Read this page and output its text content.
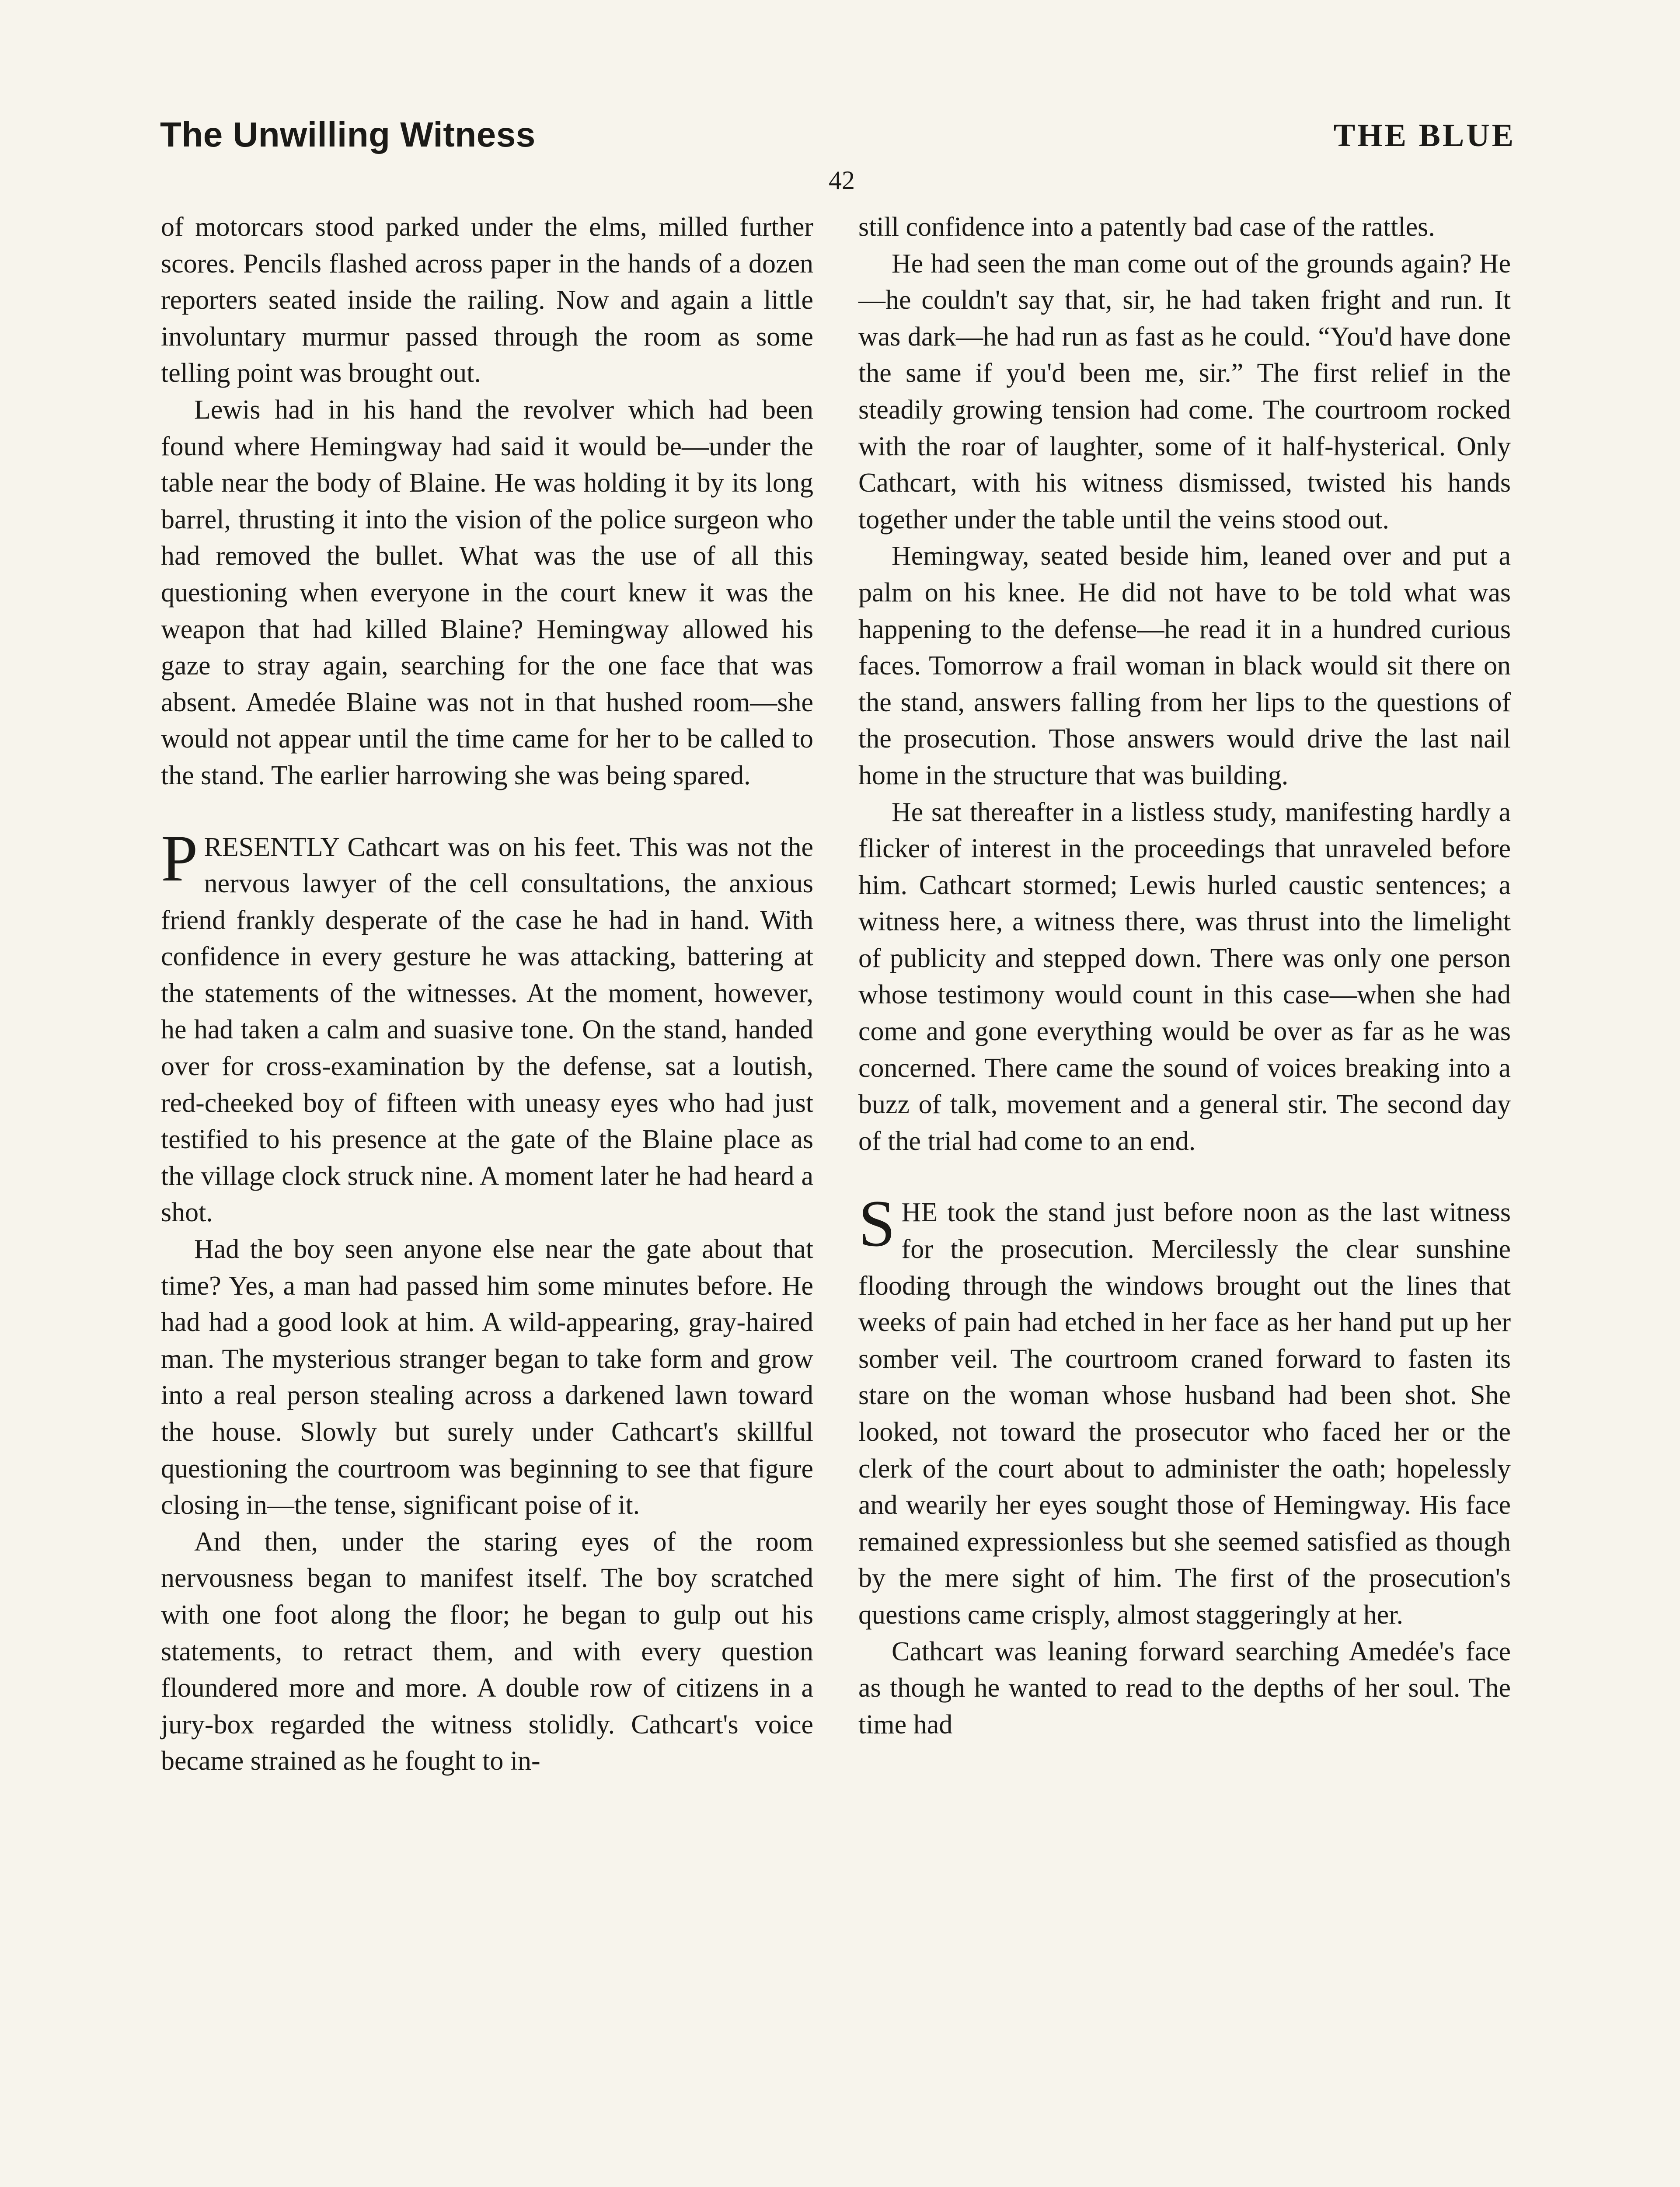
The Unwilling Witness	THE BLUE
42

of motorcars stood parked under the elms, milled further scores. Pencils flashed across paper in the hands of a dozen reporters seated inside the railing. Now and again a little involuntary murmur passed through the room as some telling point was brought out.

Lewis had in his hand the revolver which had been found where Hemingway had said it would be—under the table near the body of Blaine. He was holding it by its long barrel, thrusting it into the vision of the police surgeon who had removed the bullet. What was the use of all this questioning when everyone in the court knew it was the weapon that had killed Blaine? Hemingway allowed his gaze to stray again, searching for the one face that was absent. Amedée Blaine was not in that hushed room—she would not appear until the time came for her to be called to the stand. The earlier harrowing she was being spared.

PRESENTLY Cathcart was on his feet. This was not the nervous lawyer of the cell consultations, the anxious friend frankly desperate of the case he had in hand. With confidence in every gesture he was attacking, battering at the statements of the witnesses. At the moment, however, he had taken a calm and suasive tone. On the stand, handed over for cross-examination by the defense, sat a loutish, red-cheeked boy of fifteen with uneasy eyes who had just testified to his presence at the gate of the Blaine place as the village clock struck nine. A moment later he had heard a shot.

Had the boy seen anyone else near the gate about that time? Yes, a man had passed him some minutes before. He had had a good look at him. A wild-appearing, gray-haired man. The mysterious stranger began to take form and grow into a real person stealing across a darkened lawn toward the house. Slowly but surely under Cathcart's skillful questioning the courtroom was beginning to see that figure closing in—the tense, significant poise of it.

And then, under the staring eyes of the room nervousness began to manifest itself. The boy scratched with one foot along the floor; he began to gulp out his statements, to retract them, and with every question floundered more and more. A double row of citizens in a jury-box regarded the witness stolidly. Cathcart's voice became strained as he fought to in-

still confidence into a patently bad case of the rattles.

He had seen the man come out of the grounds again? He—he couldn't say that, sir, he had taken fright and run. It was dark—he had run as fast as he could. “You'd have done the same if you'd been me, sir.” The first relief in the steadily growing tension had come. The courtroom rocked with the roar of laughter, some of it half-hysterical. Only Cathcart, with his witness dismissed, twisted his hands together under the table until the veins stood out.

Hemingway, seated beside him, leaned over and put a palm on his knee. He did not have to be told what was happening to the defense—he read it in a hundred curious faces. Tomorrow a frail woman in black would sit there on the stand, answers falling from her lips to the questions of the prosecution. Those answers would drive the last nail home in the structure that was building.

He sat thereafter in a listless study, manifesting hardly a flicker of interest in the proceedings that unraveled before him. Cathcart stormed; Lewis hurled caustic sentences; a witness here, a witness there, was thrust into the limelight of publicity and stepped down. There was only one person whose testimony would count in this case—when she had come and gone everything would be over as far as he was concerned. There came the sound of voices breaking into a buzz of talk, movement and a general stir. The second day of the trial had come to an end.

SHE took the stand just before noon as the last witness for the prosecution. Mercilessly the clear sunshine flooding through the windows brought out the lines that weeks of pain had etched in her face as her hand put up her somber veil. The courtroom craned forward to fasten its stare on the woman whose husband had been shot. She looked, not toward the prosecutor who faced her or the clerk of the court about to administer the oath; hopelessly and wearily her eyes sought those of Hemingway. His face remained expressionless but she seemed satisfied as though by the mere sight of him. The first of the prosecution's questions came crisply, almost staggeringly at her.

Cathcart was leaning forward searching Amedée's face as though he wanted to read to the depths of her soul. The time had
